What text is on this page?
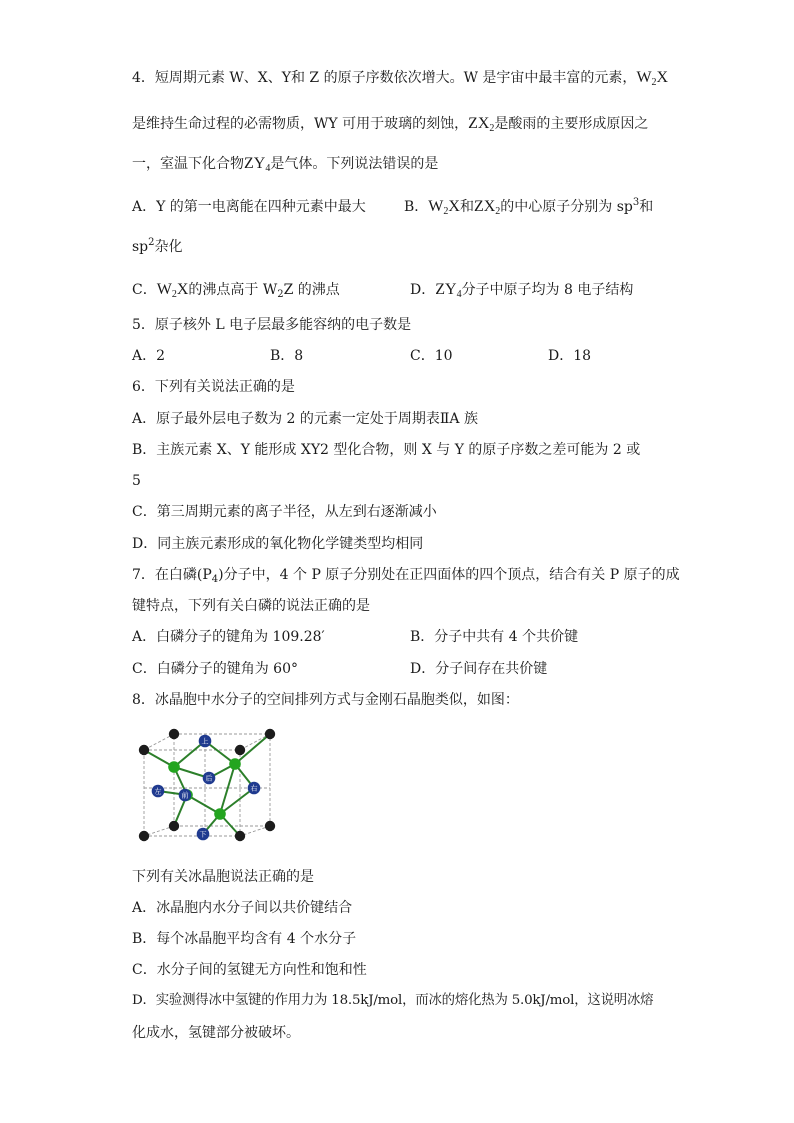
4．短周期元素 W、X、Y和 Z 的原子序数依次增大。W 是宇宙中最丰富的元素，$W_2X$
是维持生命过程的必需物质，WY 可用于玻璃的刻蚀，$ZX_2$是酸雨的主要形成原因之
一，室温下化合物$ZY_4$是气体。下列说法错误的是
A．Y 的第一电离能在四种元素中最大	B．$W_2X$和$ZX_2$的中心原子分别为 $sp^3$和
$sp^2$杂化
C．$W_2X$的沸点高于 $W_2Z$ 的沸点	D．$ZY_4$分子中原子均为 8 电子结构
5．原子核外 L 电子层最多能容纳的电子数是
A．2	B．8	C．10	D．18
6．下列有关说法正确的是
A．原子最外层电子数为 2 的元素一定处于周期表ⅡA 族
B．主族元素 X、Y 能形成 XY2 型化合物，则 X 与 Y 的原子序数之差可能为 2 或
5
C．第三周期元素的离子半径，从左到右逐渐减小
D．同主族元素形成的氧化物化学键类型均相同
7．在白磷$(P_4)$分子中，4 个 P 原子分别处在正四面体的四个顶点，结合有关 P 原子的成
键特点，下列有关白磷的说法正确的是
A．白磷分子的键角为 109.28′	B．分子中共有 4 个共价键
C．白磷分子的键角为 60°	D．分子间存在共价键
8．冰晶胞中水分子的空间排列方式与金刚石晶胞类似，如图：
上
后
左	前
右
下
下列有关冰晶胞说法正确的是
A．冰晶胞内水分子间以共价键结合
B．每个冰晶胞平均含有 4 个水分子
C．水分子间的氢键无方向性和饱和性
D．实验测得冰中氢键的作用力为 18.5kJ/mol，而冰的熔化热为 5.0kJ/mol，这说明冰熔
化成水，氢键部分被破坏。
